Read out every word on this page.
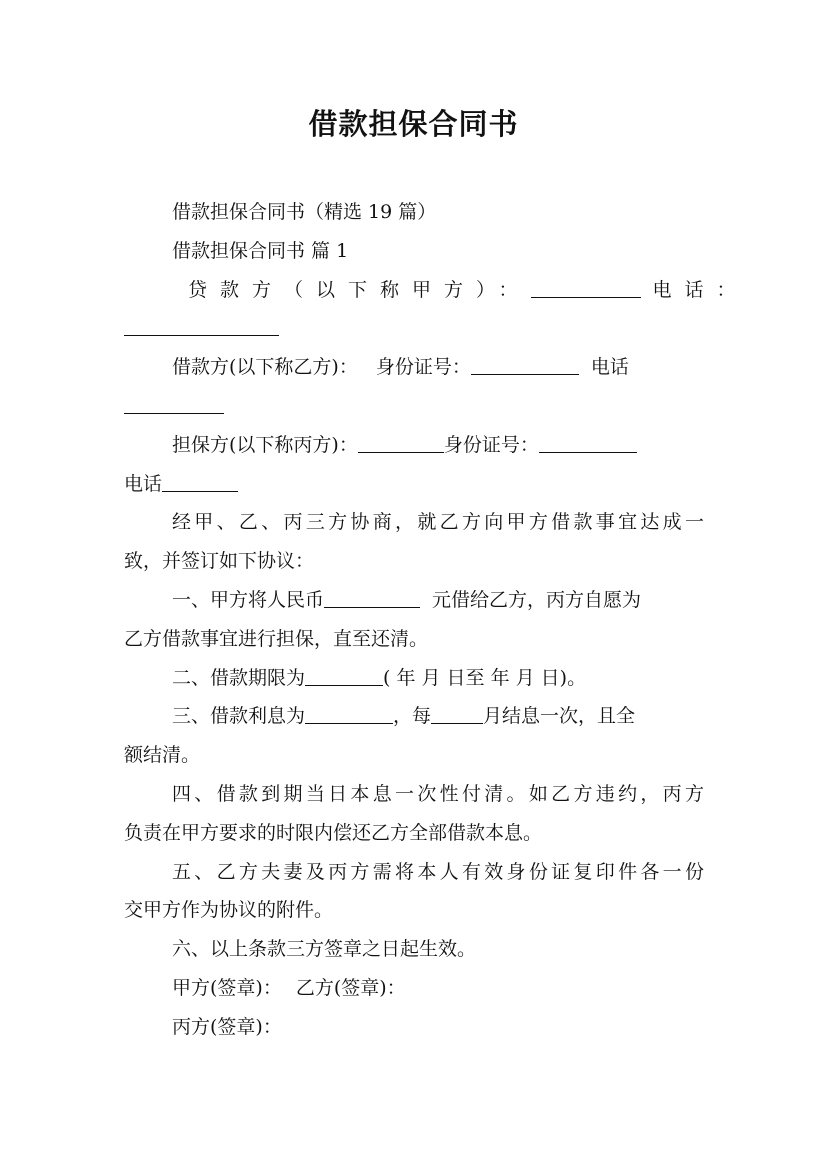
借款担保合同书
借款担保合同书（精选 19 篇）
借款担保合同书 篇 1
贷款方（以下称甲方）：	电话：
借款方(以下称乙方)： 身份证号：	电话
担保方(以下称丙方)：	身份证号：
电话
经甲、乙、丙三方协商，就乙方向甲方借款事宜达成一
致，并签订如下协议：
一、甲方将人民币	元借给乙方，丙方自愿为
乙方借款事宜进行担保，直至还清。
二、借款期限为	( 年 月 日至 年 月 日)。
三、借款利息为	，每	月结息一次，且全
额结清。
四、借款到期当日本息一次性付清。如乙方违约，丙方
负责在甲方要求的时限内偿还乙方全部借款本息。
五、乙方夫妻及丙方需将本人有效身份证复印件各一份
交甲方作为协议的附件。
六、以上条款三方签章之日起生效。
甲方(签章)： 乙方(签章)：
丙方(签章)：
